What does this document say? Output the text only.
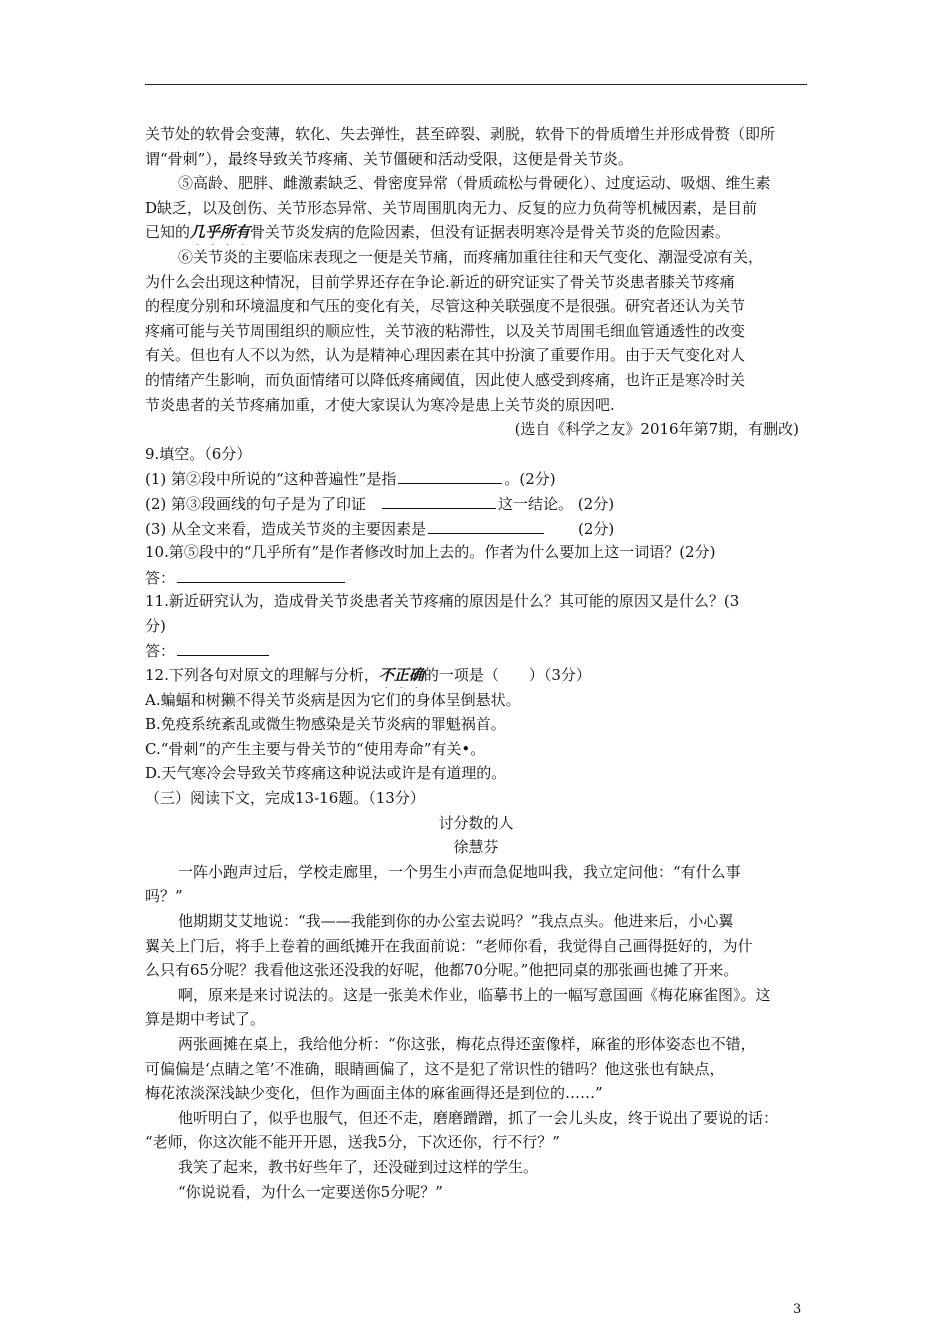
关节处的软骨会变薄，软化、失去弹性，甚至碎裂、剥脱，软骨下的骨质增生并形成骨赘（即所
谓“骨刺”），最终导致关节疼痛、关节僵硬和活动受限，这便是骨关节炎。
⑤高龄、肥胖、雌激素缺乏、骨密度异常（骨质疏松与骨硬化）、过度运动、吸烟、维生素
D缺乏，以及创伤、关节形态异常、关节周围肌肉无力、反复的应力负荷等机械因素，是目前
已知的几乎所有骨关节炎发病的危险因素，但没有证据表明寒冷是骨关节炎的危险因素。
⑥关节炎的主要临床表现之一便是关节痛，而疼痛加重往往和天气变化、潮湿受凉有关，
为什么会出现这种情况，目前学界还存在争论.新近的研究证实了骨关节炎患者膝关节疼痛
的程度分别和环境温度和气压的变化有关，尽管这种关联强度不是很强。研究者还认为关节
疼痛可能与关节周围组织的顺应性，关节液的粘滞性，以及关节周围毛细血管通透性的改变
有关。但也有人不以为然，认为是精神心理因素在其中扮演了重要作用。由于天气变化对人
的情绪产生影响，而负面情绪可以降低疼痛阈值，因此使人感受到疼痛，也许正是寒冷时关
节炎患者的关节疼痛加重，才使大家误认为寒冷是患上关节炎的原因吧.
(选自《科学之友》2016年第7期，有删改)
9.填空。（6分）
(1) 第②段中所说的“这种普遍性”是指	。(2分)
(2) 第③段画线的句子是为了印证	这一结论。 (2分)
(3) 从全文来看，造成关节炎的主要因素是	(2分)
10.第⑤段中的“几乎所有”是作者修改时加上去的。作者为什么要加上这一词语？(2分)
答：
11.新近研究认为，造成骨关节炎患者关节疼痛的原因是什么？其可能的原因又是什么？(3
分)
答：
12.下列各句对原文的理解与分析，不正确的一项是（　　）（3分）
A.蝙蝠和树獭不得关节炎病是因为它们的身体呈倒悬状。
B.免疫系统紊乱或微生物感染是关节炎病的罪魁祸首。
C.“骨刺”的产生主要与骨关节的“使用寿命”有关•。
D.天气寒冷会导致关节疼痛这种说法或许是有道理的。
（三）阅读下文，完成13-16题。（13分）
讨分数的人
徐慧芬
一阵小跑声过后，学校走廊里，一个男生小声而急促地叫我，我立定问他：“有什么事
吗？”
他期期艾艾地说：“我——我能到你的办公室去说吗？”我点点头。他进来后，小心翼
翼关上门后，将手上卷着的画纸摊开在我面前说：“老师你看，我觉得自己画得挺好的，为什
么只有65分呢？我看他这张还没我的好呢，他都70分呢。”他把同桌的那张画也摊了开来。
啊，原来是来讨说法的。这是一张美术作业，临摹书上的一幅写意国画《梅花麻雀图》。这
算是期中考试了。
两张画摊在桌上，我给他分析：“你这张，梅花点得还蛮像样，麻雀的形体姿态也不错，
可偏偏是‘点睛之笔’不准确，眼睛画偏了，这不是犯了常识性的错吗？他这张也有缺点，
梅花浓淡深浅缺少变化，但作为画面主体的麻雀画得还是到位的……”
他听明白了，似乎也服气，但还不走，磨磨蹭蹭，抓了一会儿头皮，终于说出了要说的话：
“老师，你这次能不能开开恩，送我5分，下次还你，行不行？”
我笑了起来，教书好些年了，还没碰到过这样的学生。
“你说说看，为什么一定要送你5分呢？”
3
